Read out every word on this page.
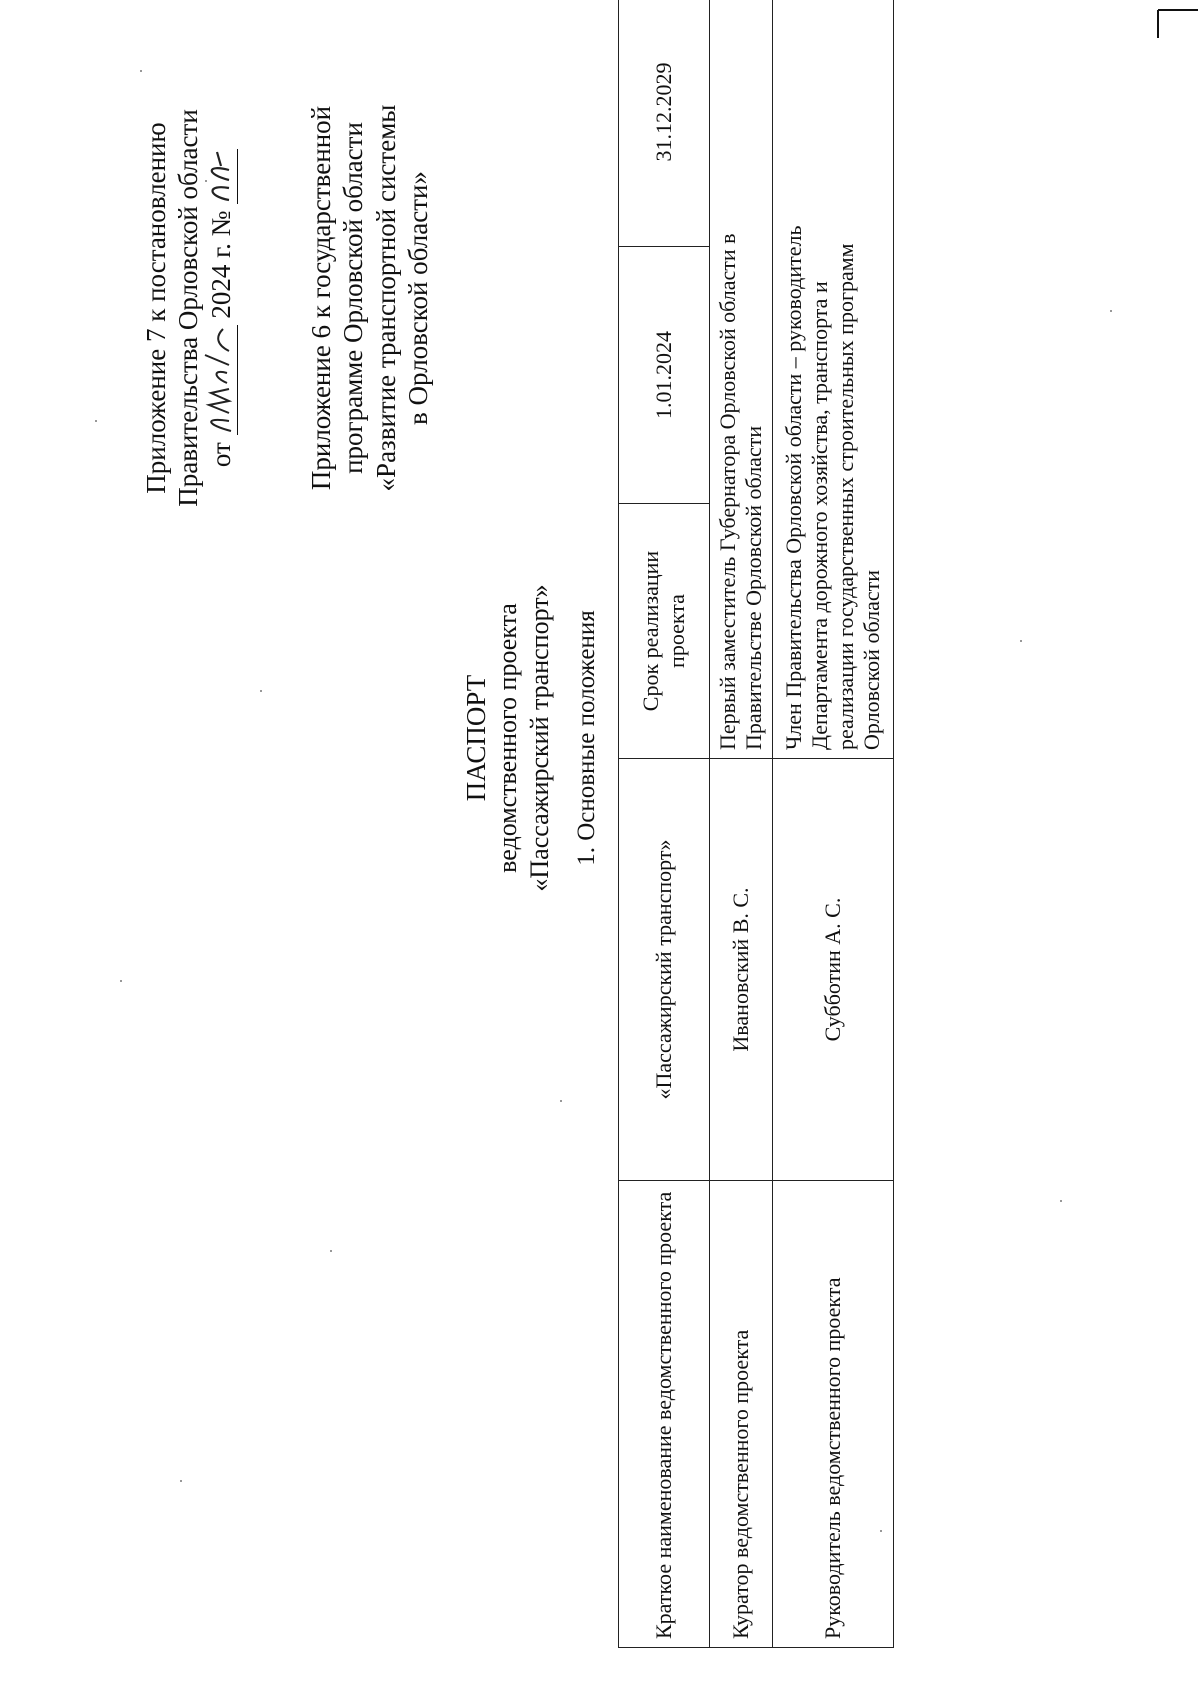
Приложение 7 к постановлению Правительства Орловской области от
2024 г. №
	Приложение 6 к государственной программе Орловской области «Развитие транспортной системы в Орловской области»
ПАСПОРТ ведомственного проекта «Пассажирский транспорт» 1. Основные положения
Краткое наименование ведомственного проекта	«Пассажирский транспорт»	Срок реализации проекта	1.01.2024	31.12.2029
Куратор ведомственного проекта	Ивановский В. С.	Первый заместитель Губернатора Орловской области в Правительстве Орловской области		

Руководитель ведомственного проекта	Субботин А. С.	Член Правительства Орловской области – руководитель Департамента дорожного хозяйства, транспорта и реализации государственных строительных программ Орловской области		
